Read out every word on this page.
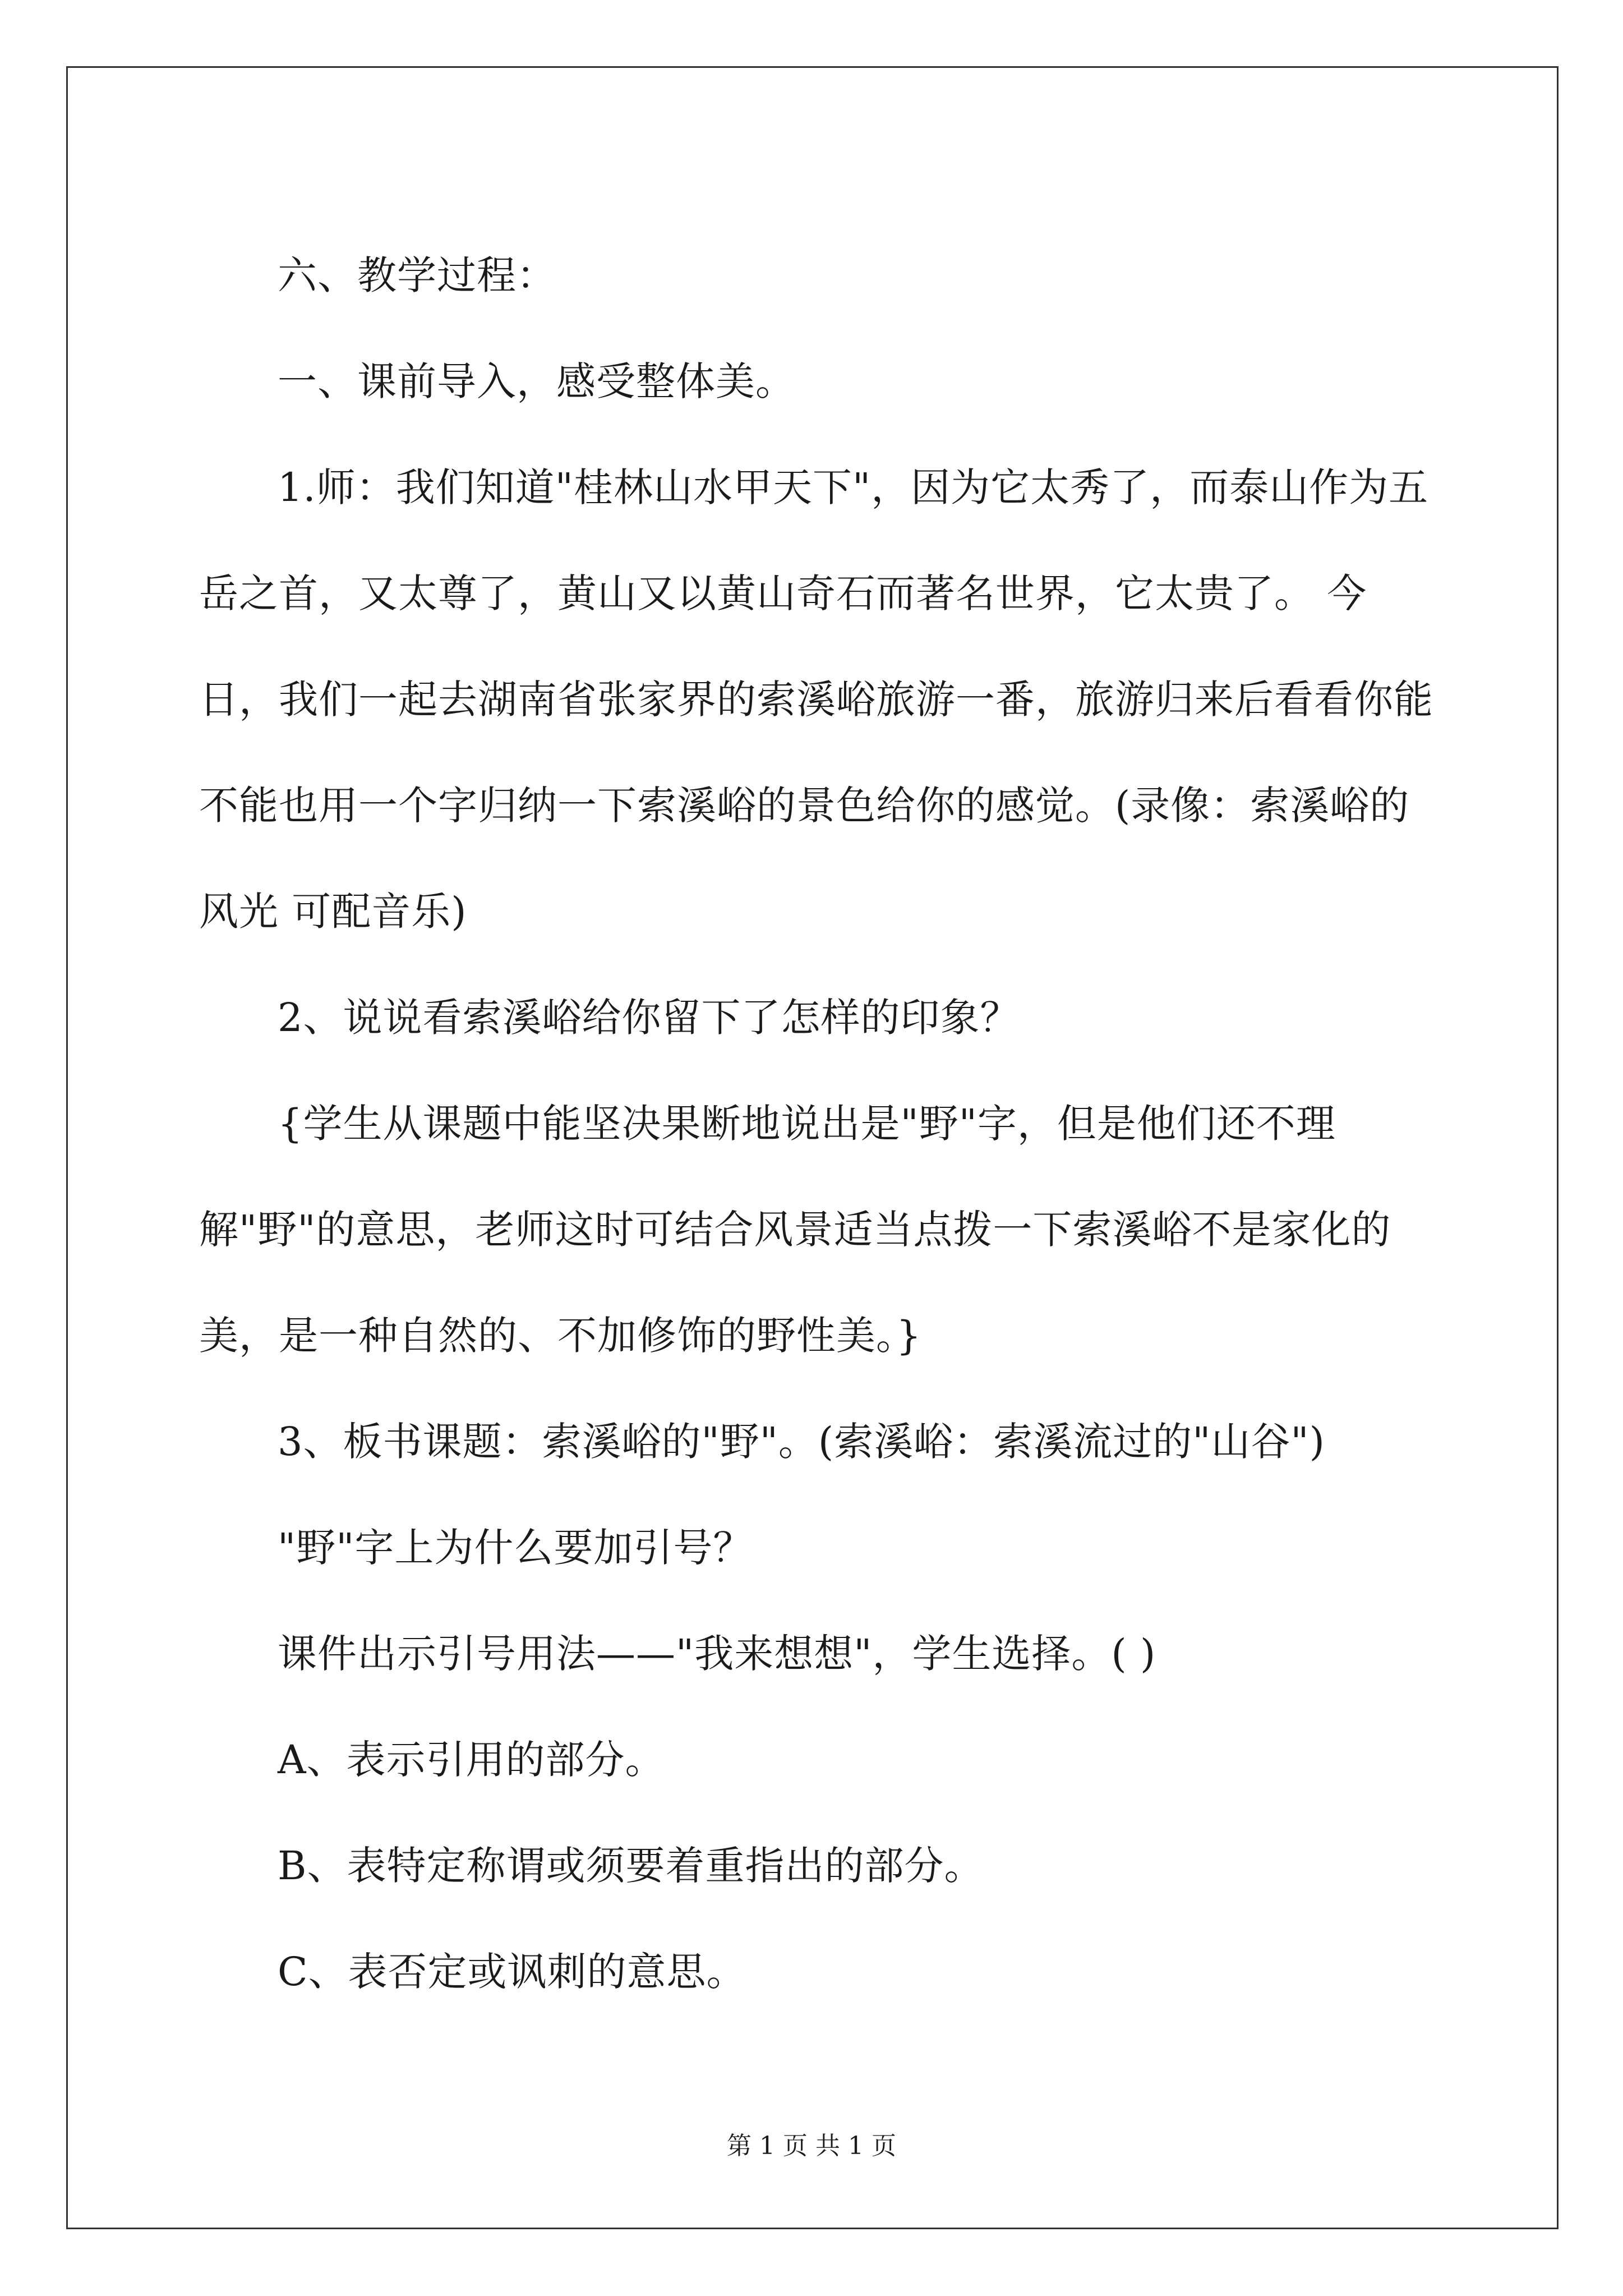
六、教学过程：

一、课前导入，感受整体美。

1.师：我们知道"桂林山水甲天下"，因为它太秀了，而泰山作为五岳之首，又太尊了，黄山又以黄山奇石而著名世界，它太贵了。 今日，我们一起去湖南省张家界的索溪峪旅游一番，旅游归来后看看你能不能也用一个字归纳一下索溪峪的景色给你的感觉。(录像：索溪峪的风光 可配音乐)

2、说说看索溪峪给你留下了怎样的印象？

{学生从课题中能坚决果断地说出是"野"字，但是他们还不理解"野"的意思，老师这时可结合风景适当点拨一下索溪峪不是家化的美，是一种自然的、不加修饰的野性美。}

3、板书课题：索溪峪的"野"。(索溪峪：索溪流过的"山谷")

"野"字上为什么要加引号？

课件出示引号用法——"我来想想"，学生选择。( )

A、表示引用的部分。

B、表特定称谓或须要着重指出的部分。

C、表否定或讽刺的意思。

第 1 页 共 1 页
